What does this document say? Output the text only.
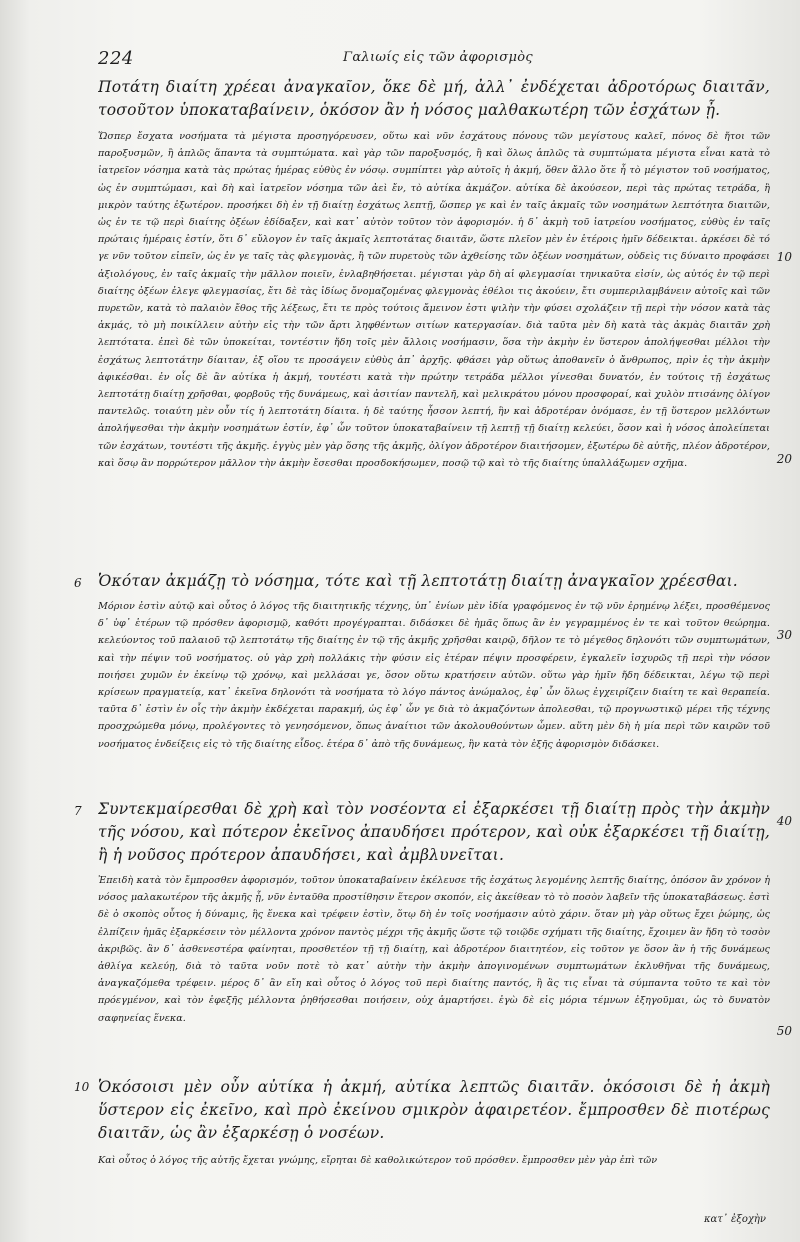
224	Γαλιωίς εἰς τῶν ἀφορισμὸς
Ποτάτη διαίτη χρέεαι ἀναγκαῖον, ὅκε δὲ μή, ἀλλ᾿ ἐνδέχεται ἀδροτόρως διαιτᾶν, τοσοῦτον ὑποκαταβαίνειν, ὁκόσον ἂν ἡ νόσος μαλθακωτέρη τῶν ἐσχάτων ᾖ.
Ὥσπερ ἔσχατα νοσήματα τὰ μέγιστα προσηγόρευσεν, οὕτω καὶ νῦν ἐσχάτους πόνους τῶν μεγίστους καλεῖ, πόνος δὲ ἤτοι τῶν παροξυσμῶν, ἢ ἁπλῶς ἅπαντα τὰ συμπτώματα. καὶ γὰρ τῶν παροξυσμός, ἢ καὶ ὅλως ἁπλῶς τὰ συμπτώματα μέγιστα εἶναι κατὰ τὸ ἰατρεῖον νόσημα κατὰ τὰς πρώτας ἡμέρας εὐθὺς ἐν νόσῳ. συμπίπτει γὰρ αὐτοῖς ἡ ἀκμή, ὅθεν ἄλλο ὅτε ἦ τὸ μέγιστον τοῦ νοσήματος, ὡς ἐν συμπτώμασι, καὶ δὴ καὶ ἰατρεῖον νόσημα τῶν ἀεὶ ἔν, τὸ αὐτίκα ἀκμάζον. αὐτίκα δὲ ἀκούσεον, περὶ τὰς πρώτας τετράδα, ἢ μικρὸν ταύτης ἐξωτέρον. προσήκει δὴ ἐν τῇ διαίτῃ ἐσχάτως λεπτῇ, ὥσπερ γε καὶ ἐν ταῖς ἀκμαῖς τῶν νοσημάτων λεπτότητα διαιτῶν, ὡς ἐν τε τῷ περὶ διαίτης ὀξέων ἐδίδαξεν, καὶ κατ᾿ αὐτὸν τοῦτον τὸν ἀφορισμόν. ἡ δ᾿ ἀκμὴ τοῦ ἰατρείου νοσήματος, εὐθὺς ἐν ταῖς πρώταις ἡμέραις ἐστίν, ὅτι δ᾿ εὔλογον ἐν ταῖς ἀκμαῖς λεπτοτάτας διαιτᾶν, ὥστε πλεῖον μὲν ἐν ἑτέροις ἡμῖν δέδεικται. ἀρκέσει δὲ τό γε νῦν τοῦτον εἰπεῖν, ὡς ἐν γε ταῖς τὰς φλεγμονὰς, ἢ τῶν πυρετοὺς τῶν ἀχθείσης τῶν ὀξέων νοσημάτων, οὐδεὶς τις δύναιτο προφάσει ἀξιολόγους, ἐν ταῖς ἀκμαῖς τὴν μᾶλλον ποιεῖν, ἐνλαβηθήσεται. μέγισται γὰρ δὴ αἱ φλεγμασίαι τηνικαῦτα εἰσίν, ὡς αὐτός ἐν τῷ περὶ διαίτης ὀξέων ἐλεγε φλεγμασίας, ἔτι δὲ τὰς ἰδίως ὄνομαζομένας φλεγμονὰς ἐθέλοι τις ἀκούειν, ἔτι συμπεριλαμβάνειν αὐτοῖς καὶ τῶν πυρετῶν, κατὰ τὸ παλαιὸν ἔθος τῆς λέξεως, ἔτι τε πρὸς τούτοις ἄμεινον ἐστι ψιλὴν τὴν φύσει σχολάζειν τῇ περὶ τὴν νόσον κατὰ τὰς ἀκμάς, τὸ μὴ ποικίλλειν αὐτὴν εἰς τὴν τῶν ἄρτι ληφθέντων σιτίων κατεργασίαν. διὰ ταῦτα μὲν δὴ κατὰ τὰς ἀκμὰς διαιτᾶν χρὴ λεπτότατα. ἐπεὶ δὲ τῶν ὑποκείται, τοντέστιν ἤδη τοῖς μὲν ἄλλοις νοσήμασιν, ὅσα τὴν ἀκμὴν ἐν ὕστερον ἀπολήψεσθαι μέλλοι τὴν ἐσχάτως λεπτοτάτην δίαιταν, ἐξ οἵου τε προσάγειν εὐθὺς ἀπ᾿ ἀρχῆς. φθάσει γὰρ οὕτως ἀποθανεῖν ὁ ἄνθρωπος, πρὶν ἐς τὴν ἀκμὴν ἀφικέσθαι. ἐν οἷς δὲ ἂν αὐτίκα ἡ ἀκμή, τουτέστι κατὰ τὴν πρώτην τετράδα μέλλοι γίνεσθαι δυνατόν, ἐν τούτοις τῇ ἐσχάτως λεπτοτάτῃ διαίτῃ χρῆσθαι, φορβοῦς τῆς δυνάμεως, καὶ ἀσιτίαν παντελῆ, καὶ μελικράτου μόνου προσφοραί, καὶ χυλὸν πτισάνης ὀλίγον παντελῶς. τοιαύτη μὲν οὖν τίς ἡ λεπτοτάτη δίαιτα. ἡ δὲ ταύτης ἧσσον λεπτή, ἣν καὶ ἀδροτέραν ὀνόμασε, ἐν τῇ ὕστερον μελλόντων ἀπολήψεσθαι τὴν ἀκμὴν νοσημάτων ἐστίν, ἐφ᾿ ὧν τοῦτον ὑποκαταβαίνειν τῇ λεπτῇ τῇ διαίτῃ κελεύει, ὅσον καὶ ἡ νόσος ἀπολείπεται τῶν ἐσχάτων, τουτέστι τῆς ἀκμῆς. ἐγγὺς μὲν γὰρ ὅσης τῆς ἀκμῆς, ὀλίγον ἀδροτέρον διαιτήσομεν, ἐξωτέρω δὲ αὐτῆς, πλέον ἀδροτέρον, καὶ ὅσῳ ἂν πορρώτερον μᾶλλον τὴν ἀκμὴν ἔσεσθαι προσδοκήσωμεν, ποσῷ τῷ καὶ τὸ τῆς διαίτης ὑπαλλάξωμεν σχῆμα.
Ὁκόταν ἀκμάζῃ τὸ νόσημα, τότε καὶ τῇ λεπτοτάτῃ διαίτῃ ἀναγκαῖον χρέεσθαι.
Μόριον ἐστὶν αὐτῷ καὶ οὗτος ὁ λόγος τῆς διαιτητικῆς τέχνης, ὑπ᾿ ἐνίων μὲν ἰδία γραφόμενος ἐν τῷ νῦν ἐρημένῳ λέξει, προσθέμενος δ᾿ ὑφ᾿ ἑτέρων τῷ πρόσθεν ἀφορισμῷ, καθότι προγέγραπται. διδάσκει δὲ ἡμᾶς ὅπως ἂν ἐν γεγραμμένος ἐν τε καὶ τοῦτον θεώρημα. κελεύοντος τοῦ παλαιοῦ τῷ λεπτοτάτῳ τῆς διαίτης ἐν τῷ τῆς ἀκμῆς χρῆσθαι καιρῷ, δῆλον τε τὸ μέγεθος δηλονότι τῶν συμπτωμάτων, καὶ τὴν πέψιν τοῦ νοσήματος. οὐ γὰρ χρὴ πολλάκις τὴν φύσιν εἰς ἑτέραν πέψιν προσφέρειν, ἐγκαλεῖν ἰσχυρῶς τῇ περὶ τὴν νόσον ποιήσει χυμῶν ἐν ἐκείνῳ τῷ χρόνῳ, καὶ μελλάσαι γε, ὅσον οὕτω κρατήσειν αὐτῶν. οὕτω γὰρ ἡμῖν ἤδη δέδεικται, λέγω τῷ περὶ κρίσεων πραγματείᾳ, κατ᾿ ἐκεῖνα δηλονότι τὰ νοσήματα τὸ λόγο πάντος ἀνώμαλος, ἐφ᾿ ὧν ὅλως ἐγχειρίζειν διαίτη τε καὶ θεραπεία. ταῦτα δ᾿ ἐστὶν ἐν οἷς τὴν ἀκμὴν ἐκδέχεται παρακμή, ὡς ἐφ᾿ ὧν γε διὰ τὸ ἀκμαζόντων ἀπολεσθαι, τῷ προγνωστικῷ μέρει τῆς τέχνης προσχρώμεθα μόνῳ, προλέγοντες τὸ γενησόμενον, ὅπως ἀναίτιοι τῶν ἀκολουθούντων ὦμεν. αὕτη μὲν δὴ ἡ μία περὶ τῶν καιρῶν τοῦ νοσήματος ἐνδείξεις εἰς τὸ τῆς διαίτης εἶδος. ἑτέρα δ᾿ ἀπὸ τῆς δυνάμεως, ἣν κατὰ τὸν ἑξῆς ἀφορισμὸν διδάσκει.
Συντεκμαίρεσθαι δὲ χρὴ καὶ τὸν νοσέοντα εἰ ἐξαρκέσει τῇ διαίτῃ πρὸς τὴν ἀκμὴν τῆς νόσου, καὶ πότερον ἐκεῖνος ἀπαυδήσει πρότερον, καὶ οὐκ ἐξαρκέσει τῇ διαίτῃ, ἢ ἡ νοῦσος πρότερον ἀπαυδήσει, καὶ ἀμβλυνεῖται.
Ἐπειδὴ κατὰ τὸν ἔμπροσθεν ἀφορισμόν, τοῦτον ὑποκαταβαίνειν ἐκέλευσε τῆς ἐσχάτως λεγομένης λεπτῆς διαίτης, ὁπόσον ἂν χρόνον ἡ νόσος μαλακωτέρον τῆς ἀκμῆς ᾖ, νῦν ἐνταῦθα προστίθησιν ἕτερον σκοπόν, εἰς ἀκείθεαν τὸ τὸ ποσὸν λαβεῖν τῆς ὑποκαταβάσεως. ἐστὶ δὲ ὁ σκοπὸς οὗτος ἡ δύναμις, ἣς ἕνεκα καὶ τρέφειν ἐστὶν, ὅτῳ δὴ ἐν τοῖς νοσήμασιν αὐτὸ χάριν. ὅταν μὴ γὰρ οὕτως ἔχει ῥώμης, ὡς ἐλπίζειν ἡμᾶς ἐξαρκέσειν τὸν μέλλοντα χρόνον παντὸς μέχρι τῆς ἀκμῆς ὥστε τῷ τοιῷδε σχήματι τῆς διαίτης, ἔχοιμεν ἂν ἤδη τὸ τοσὸν ἀκριβῶς. ἂν δ᾿ ἀσθενεστέρα φαίνηται, προσθετέον τῇ τῇ διαίτῃ, καὶ ἀδροτέρον διαιτητέον, εἰς τοῦτον γε ὅσον ἂν ἡ τῆς δυνάμεως ἀθλίγα κελεύῃ, διὰ τὸ ταῦτα νοῦν ποτὲ τὸ κατ᾿ αὐτὴν τὴν ἀκμὴν ἀπογινομένων συμπτωμάτων ἐκλυθῆναι τῆς δυνάμεως, ἀναγκαζόμεθα τρέφειν. μέρος δ᾿ ἂν εἴη καὶ οὗτος ὁ λόγος τοῦ περὶ διαίτης παντός, ἢ ἂς τις εἶναι τὰ σύμπαντα τοῦτο τε καὶ τὸν πρόεγμένον, καὶ τὸν ἐφεξῆς μέλλοντα ῥηθήσεσθαι ποιήσειν, οὐχ ἁμαρτήσει. ἐγὼ δὲ εἰς μόρια τέμνων ἐξηγοῦμαι, ὡς τὸ δυνατὸν σαφηνείας ἕνεκα.
Ὁκόσοισι μὲν οὖν αὐτίκα ἡ ἀκμή, αὐτίκα λεπτῶς διαιτᾶν. ὁκόσοισι δὲ ἡ ἀκμὴ ὕστερον εἰς ἐκεῖνο, καὶ πρὸ ἐκείνου σμικρὸν ἀφαιρετέον. ἔμπροσθεν δὲ πιοτέρως διαιτᾶν, ὡς ἂν ἐξαρκέσῃ ὁ νοσέων.
Καὶ οὗτος ὁ λόγος τῆς αὐτῆς ἔχεται γνώμης, εἴρηται δὲ καθολικώτερον τοῦ πρόσθεν. ἔμπροσθεν μὲν γὰρ ἐπὶ τῶν
κατ᾿ ἐξοχὴν
10
20
30
40
50
6
7
10
